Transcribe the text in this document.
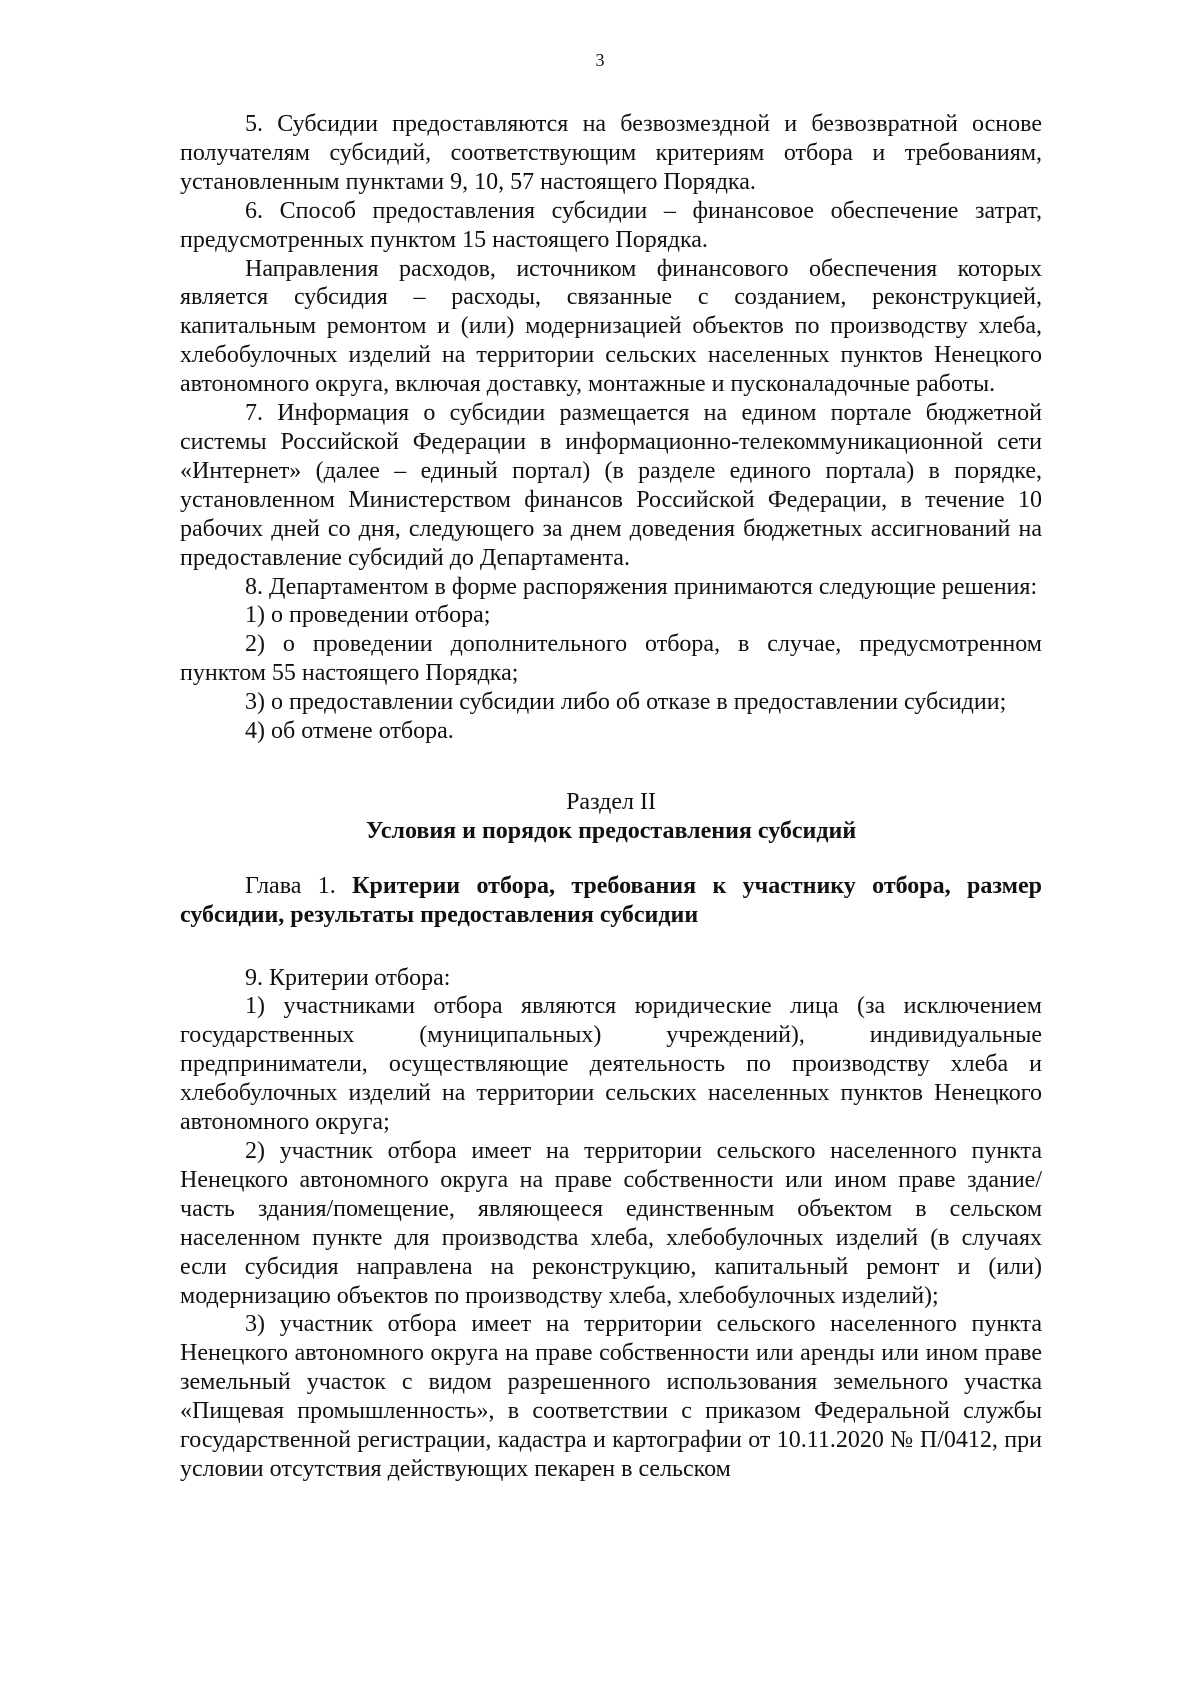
3

5. Субсидии предоставляются на безвозмездной и безвозвратной основе получателям субсидий, соответствующим критериям отбора и требованиям, установленным пунктами 9, 10, 57 настоящего Порядка.

6. Способ предоставления субсидии – финансовое обеспечение затрат, предусмотренных пунктом 15 настоящего Порядка.

Направления расходов, источником финансового обеспечения которых является субсидия – расходы, связанные с созданием, реконструкцией, капитальным ремонтом и (или) модернизацией объектов по производству хлеба, хлебобулочных изделий на территории сельских населенных пунктов Ненецкого автономного округа, включая доставку, монтажные и пусконаладочные работы.

7. Информация о субсидии размещается на едином портале бюджетной системы Российской Федерации в информационно-телекоммуникационной сети «Интернет» (далее – единый портал) (в разделе единого портала) в порядке, установленном Министерством финансов Российской Федерации, в течение 10 рабочих дней со дня, следующего за днем доведения бюджетных ассигнований на предоставление субсидий до Департамента.

8. Департаментом в форме распоряжения принимаются следующие решения:

1) о проведении отбора;

2) о проведении дополнительного отбора, в случае, предусмотренном пунктом 55 настоящего Порядка;

3) о предоставлении субсидии либо об отказе в предоставлении субсидии;

4) об отмене отбора.

Раздел II

Условия и порядок предоставления субсидий

Глава 1. Критерии отбора, требования к участнику отбора, размер субсидии, результаты предоставления субсидии

9. Критерии отбора:

1) участниками отбора являются юридические лица (за исключением государственных (муниципальных) учреждений), индивидуальные предприниматели, осуществляющие деятельность по производству хлеба и хлебобулочных изделий на территории сельских населенных пунктов Ненецкого автономного округа;

2) участник отбора имеет на территории сельского населенного пункта Ненецкого автономного округа на праве собственности или ином праве здание/часть здания/помещение, являющееся единственным объектом в сельском населенном пункте для производства хлеба, хлебобулочных изделий (в случаях если субсидия направлена на реконструкцию, капитальный ремонт и (или) модернизацию объектов по производству хлеба, хлебобулочных изделий);

3) участник отбора имеет на территории сельского населенного пункта Ненецкого автономного округа на праве собственности или аренды или ином праве земельный участок с видом разрешенного использования земельного участка «Пищевая промышленность», в соответствии с приказом Федеральной службы государственной регистрации, кадастра и картографии от 10.11.2020 № П/0412, при условии отсутствия действующих пекарен в сельском
